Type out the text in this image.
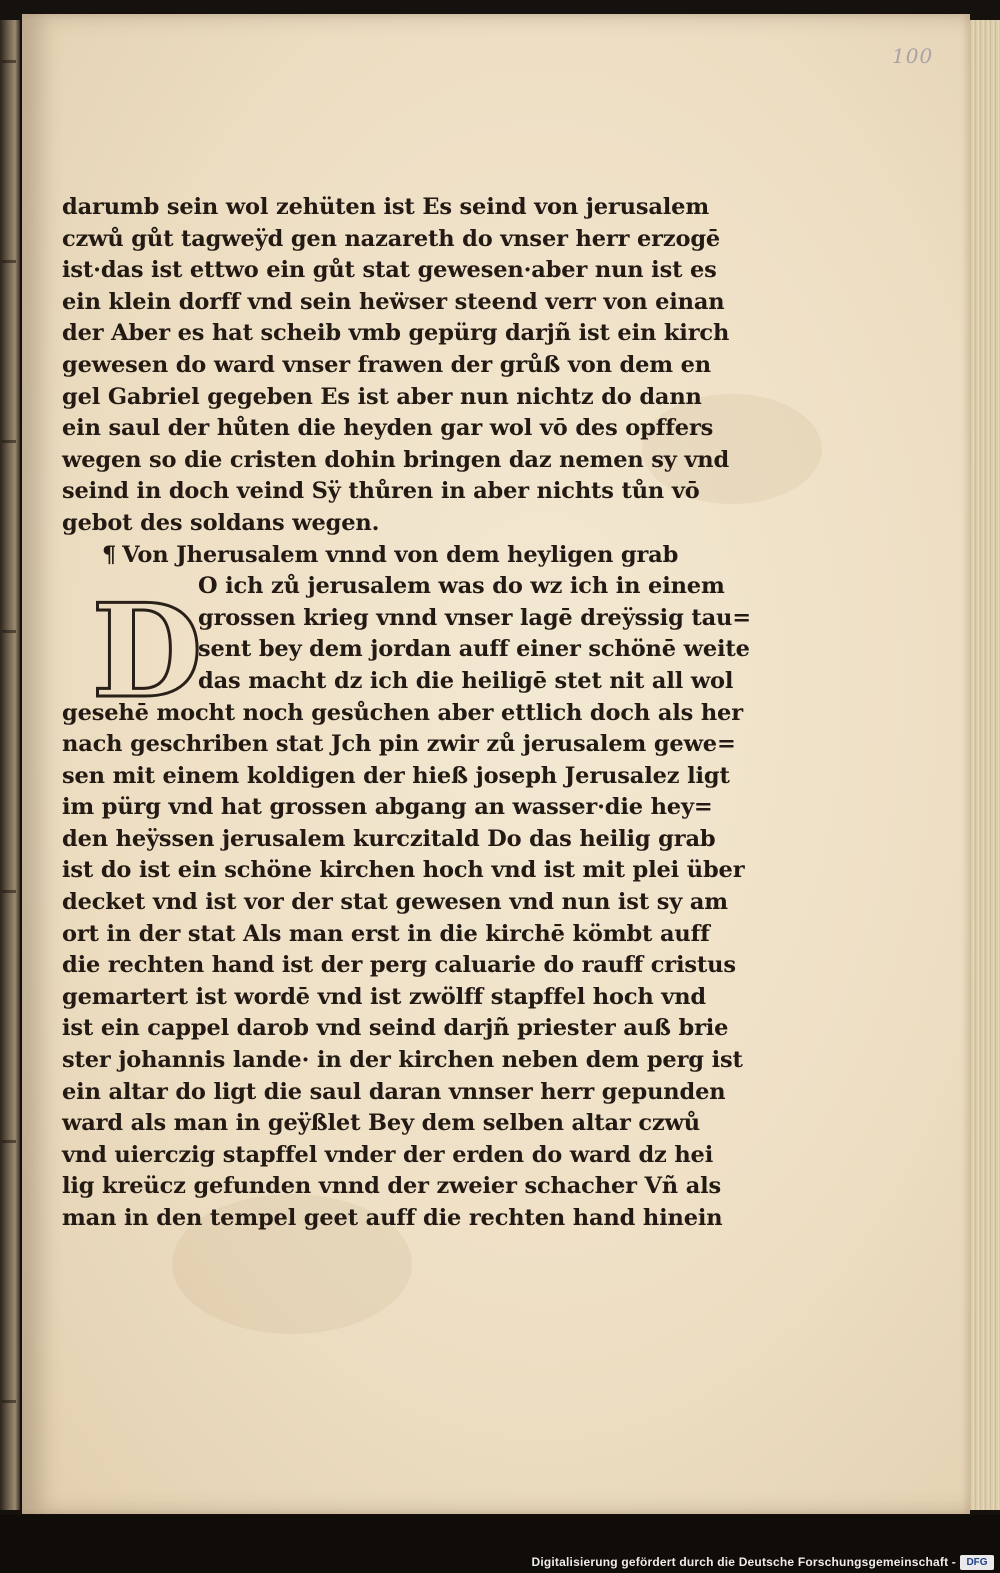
100
darumb sein wol zehüten ist Es seind von jerusalem
czwů gůt tagweÿd gen nazareth do vnser herr erzogē
ist·das ist ettwo ein gůt stat gewesen·aber nun ist es
ein klein dorff vnd sein heẅser steend verr von einan
der Aber es hat scheib vmb gepürg darjñ ist ein kirch
gewesen do ward vnser frawen der grůß von dem en
gel Gabriel gegeben Es ist aber nun nichtz do dann
ein saul der hůten die heyden gar wol vō des opffers
wegen so die cristen dohin bringen daz nemen sy vnd
seind in doch veind Sÿ thůren in aber nichts tůn vō
gebot des soldans wegen.
¶ Von Jherusalem vnnd von dem heyligen grab
O ich zů jerusalem was do wz ich in einem
grossen krieg vnnd vnser lagē dreÿssig tau=
sent bey dem jordan auff einer schönē weite
das macht dz ich die heiligē stet nit all wol
gesehē mocht noch gesůchen aber ettlich doch als her
nach geschriben stat Jch pin zwir zů jerusalem gewe=
sen mit einem koldigen der hieß joseph Jerusalez ligt
im pürg vnd hat grossen abgang an wasser·die hey=
den heÿssen jerusalem kurczitald Do das heilig grab
ist do ist ein schöne kirchen hoch vnd ist mit plei über
decket vnd ist vor der stat gewesen vnd nun ist sy am
ort in der stat Als man erst in die kirchē kömbt auff
die rechten hand ist der perg caluarie do rauff cristus
gemartert ist wordē vnd ist zwölff stapffel hoch vnd
ist ein cappel darob vnd seind darjñ priester auß brie
ster johannis lande· in der kirchen neben dem perg ist
ein altar do ligt die saul daran vnnser herr gepunden
ward als man in geÿßlet Bey dem selben altar czwů
vnd uierczig stapffel vnder der erden do ward dz hei
lig kreücz gefunden vnnd der zweier schacher Vñ als
man in den tempel geet auff die rechten hand hinein
D
Digitalisierung gefördert durch die Deutsche Forschungsgemeinschaft -	DFG
